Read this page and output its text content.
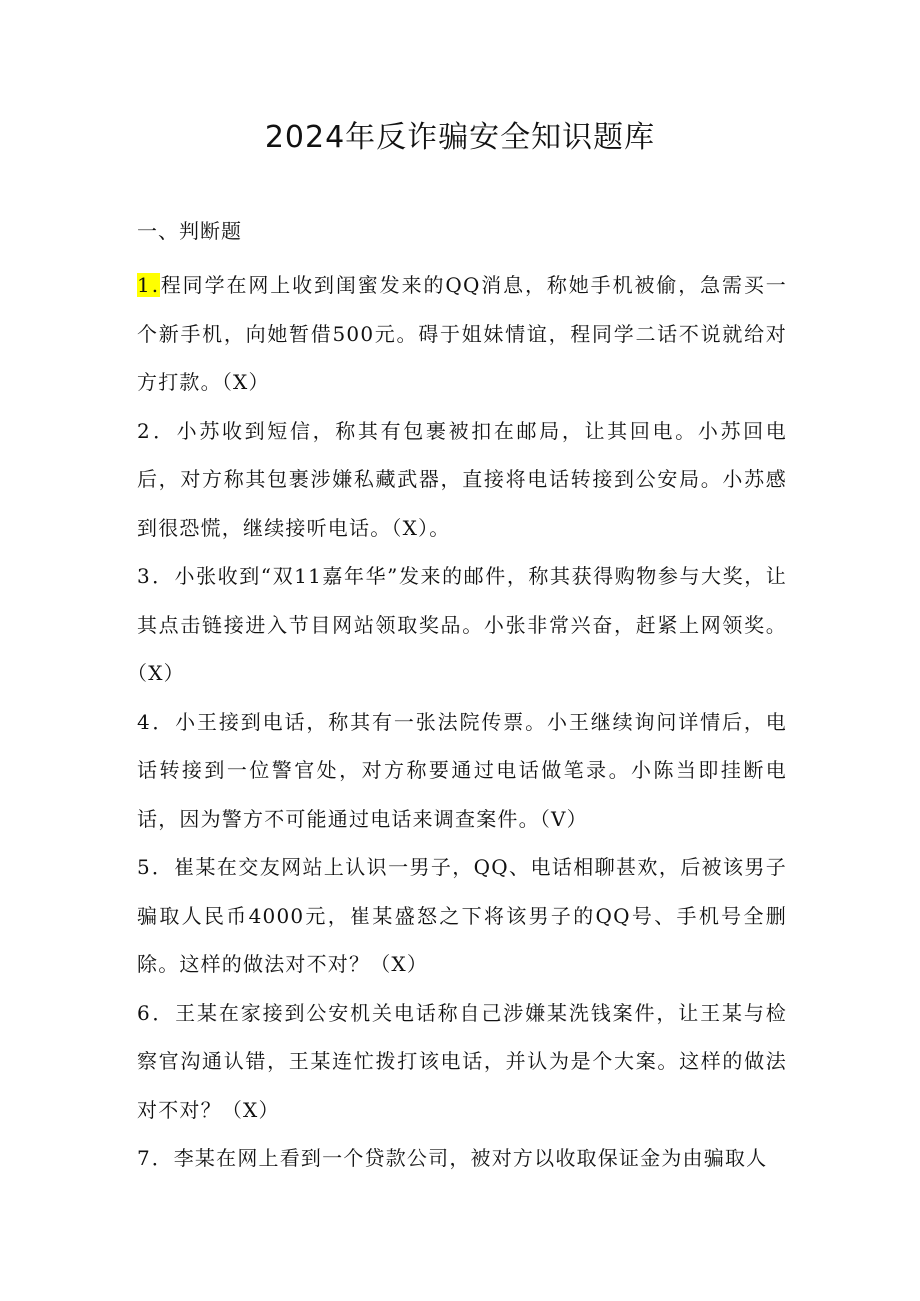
2024年反诈骗安全知识题库
一、判断题

1.程同学在网上收到闺蜜发来的QQ消息，称她手机被偷，急需买一个新手机，向她暂借500元。碍于姐妹情谊，程同学二话不说就给对方打款。（X）

2．小苏收到短信，称其有包裹被扣在邮局，让其回电。小苏回电后，对方称其包裹涉嫌私藏武器，直接将电话转接到公安局。小苏感到很恐慌，继续接听电话。（X）。

3．小张收到“双11嘉年华”发来的邮件，称其获得购物参与大奖，让其点击链接进入节目网站领取奖品。小张非常兴奋，赶紧上网领奖。（X）

4．小王接到电话，称其有一张法院传票。小王继续询问详情后，电话转接到一位警官处，对方称要通过电话做笔录。小陈当即挂断电话，因为警方不可能通过电话来调查案件。（V）

5．崔某在交友网站上认识一男子，QQ、电话相聊甚欢，后被该男子骗取人民币4000元，崔某盛怒之下将该男子的QQ号、手机号全删除。这样的做法对不对？（X）

6．王某在家接到公安机关电话称自己涉嫌某洗钱案件，让王某与检察官沟通认错，王某连忙拨打该电话，并认为是个大案。这样的做法对不对？（X）

7．李某在网上看到一个贷款公司，被对方以收取保证金为由骗取人
